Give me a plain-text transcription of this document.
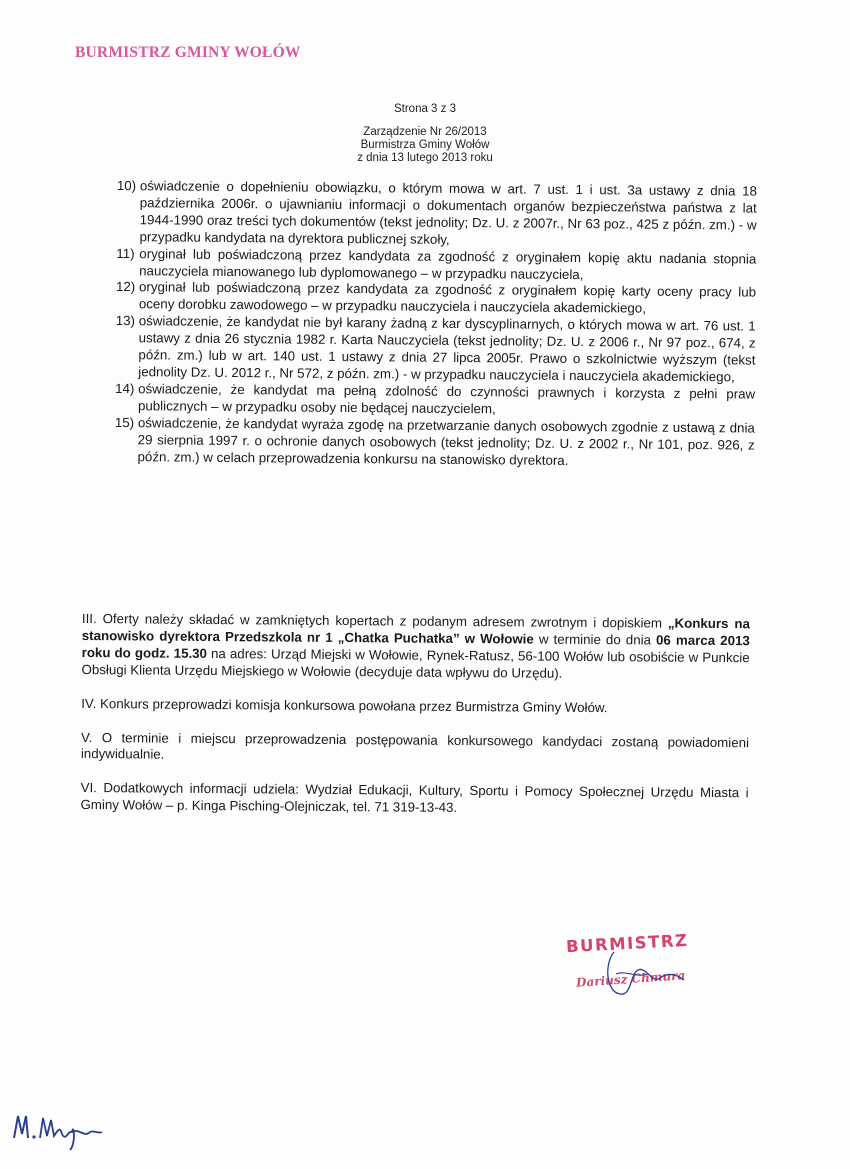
BURMISTRZ GMINY WOŁÓW
Strona 3 z 3
Zarządzenie Nr 26/2013
Burmistrza Gminy Wołów
z dnia 13 lutego 2013 roku
10) oświadczenie o dopełnieniu obowiązku, o którym mowa w art. 7 ust. 1 i ust. 3a ustawy z dnia 18 października 2006r. o ujawnianiu informacji o dokumentach organów bezpieczeństwa państwa z lat 1944-1990 oraz treści tych dokumentów (tekst jednolity; Dz. U. z 2007r., Nr 63 poz., 425 z późn. zm.) - w przypadku kandydata na dyrektora publicznej szkoły,
11) oryginał lub poświadczoną przez kandydata za zgodność z oryginałem kopię aktu nadania stopnia nauczyciela mianowanego lub dyplomowanego – w przypadku nauczyciela,
12) oryginał lub poświadczoną przez kandydata za zgodność z oryginałem kopię karty oceny pracy lub oceny dorobku zawodowego – w przypadku nauczyciela i nauczyciela akademickiego,
13) oświadczenie, że kandydat nie był karany żadną z kar dyscyplinarnych, o których mowa w art. 76 ust. 1 ustawy z dnia 26 stycznia 1982 r. Karta Nauczyciela (tekst jednolity; Dz. U. z 2006 r., Nr 97 poz., 674, z późn. zm.) lub w art. 140 ust. 1 ustawy z dnia 27 lipca 2005r. Prawo o szkolnictwie wyższym (tekst jednolity Dz. U. 2012 r., Nr 572, z późn. zm.) - w przypadku nauczyciela i nauczyciela akademickiego,
14) oświadczenie, że kandydat ma pełną zdolność do czynności prawnych i korzysta z pełni praw publicznych – w przypadku osoby nie będącej nauczycielem,
15) oświadczenie, że kandydat wyraża zgodę na przetwarzanie danych osobowych zgodnie z ustawą z dnia 29 sierpnia 1997 r. o ochronie danych osobowych (tekst jednolity; Dz. U. z 2002 r., Nr 101, poz. 926, z późn. zm.) w celach przeprowadzenia konkursu na stanowisko dyrektora.

III. Oferty należy składać w zamkniętych kopertach z podanym adresem zwrotnym i dopiskiem „Konkurs na stanowisko dyrektora Przedszkola nr 1 „Chatka Puchatka” w Wołowie w terminie do dnia 06 marca 2013 roku do godz. 15.30 na adres: Urząd Miejski w Wołowie, Rynek-Ratusz, 56-100 Wołów lub osobiście w Punkcie Obsługi Klienta Urzędu Miejskiego w Wołowie (decyduje data wpływu do Urzędu).

IV. Konkurs przeprowadzi komisja konkursowa powołana przez Burmistrza Gminy Wołów.

V. O terminie i miejscu przeprowadzenia postępowania konkursowego kandydaci zostaną powiadomieni indywidualnie.

VI. Dodatkowych informacji udziela: Wydział Edukacji, Kultury, Sportu i Pomocy Społecznej Urzędu Miasta i Gminy Wołów – p. Kinga Pisching-Olejniczak, tel. 71 319-13-43.

BURMISTRZ
Dariusz Chmura
